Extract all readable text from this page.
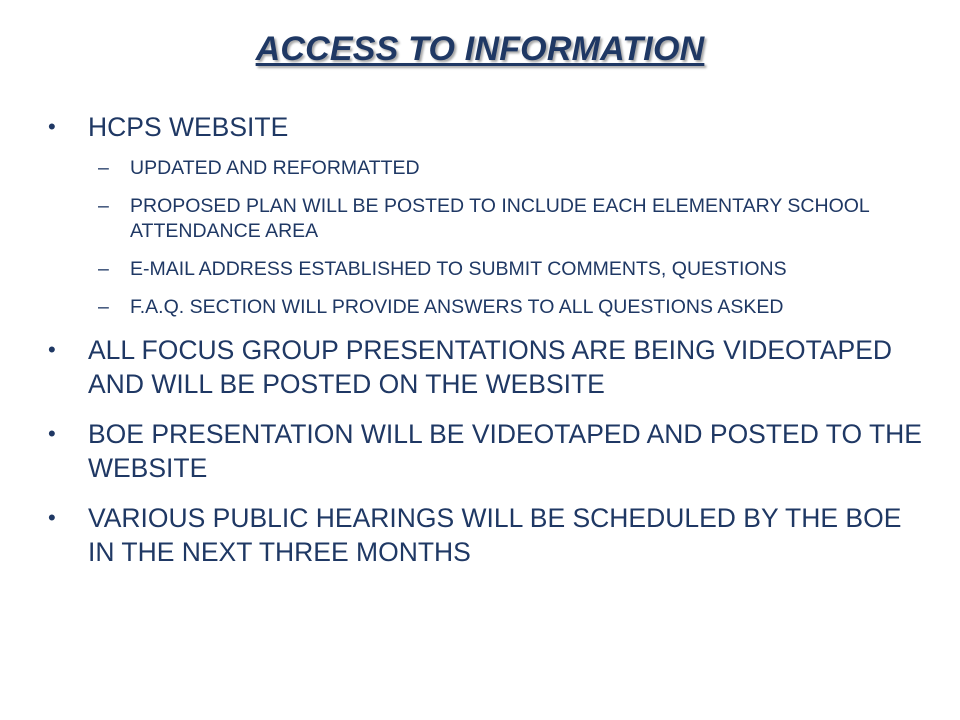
ACCESS TO INFORMATION
•	HCPS WEBSITE
– UPDATED AND REFORMATTED
– PROPOSED PLAN WILL BE POSTED TO INCLUDE EACH ELEMENTARY SCHOOL ATTENDANCE AREA
– E-MAIL ADDRESS ESTABLISHED TO SUBMIT COMMENTS, QUESTIONS
– F.A.Q. SECTION WILL PROVIDE ANSWERS TO ALL QUESTIONS ASKED
•	ALL FOCUS GROUP PRESENTATIONS ARE BEING VIDEOTAPED AND WILL BE POSTED ON THE WEBSITE
•	BOE PRESENTATION WILL BE VIDEOTAPED AND POSTED TO THE WEBSITE
•	VARIOUS PUBLIC HEARINGS WILL BE SCHEDULED BY THE BOE IN THE NEXT THREE MONTHS
